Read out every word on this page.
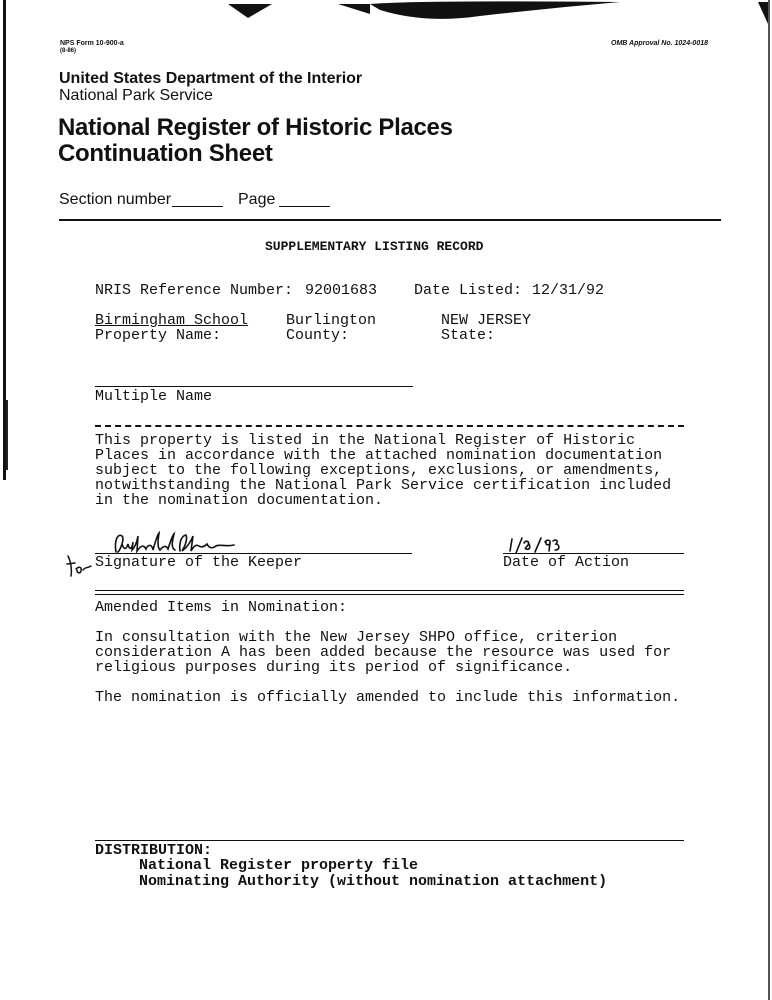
NPS Form 10-900-a
(8-86)
OMB Approval No. 1024-0018
United States Department of the Interior
National Park Service
National Register of Historic Places
Continuation Sheet
Section number	Page
SUPPLEMENTARY LISTING RECORD
NRIS Reference Number: 92001683 Date Listed: 12/31/92
Birmingham School	Burlington	NEW JERSEY
Property Name:	County:	State:
Multiple Name
This property is listed in the National Register of Historic
Places in accordance with the attached nomination documentation
subject to the following exceptions, exclusions, or amendments,
notwithstanding the National Park Service certification included
in the nomination documentation.
Signature of the Keeper	Date of Action
Amended Items in Nomination:
In consultation with the New Jersey SHPO office, criterion
consideration A has been added because the resource was used for
religious purposes during its period of significance.
The nomination is officially amended to include this information.
DISTRIBUTION:
National Register property file
Nominating Authority (without nomination attachment)
